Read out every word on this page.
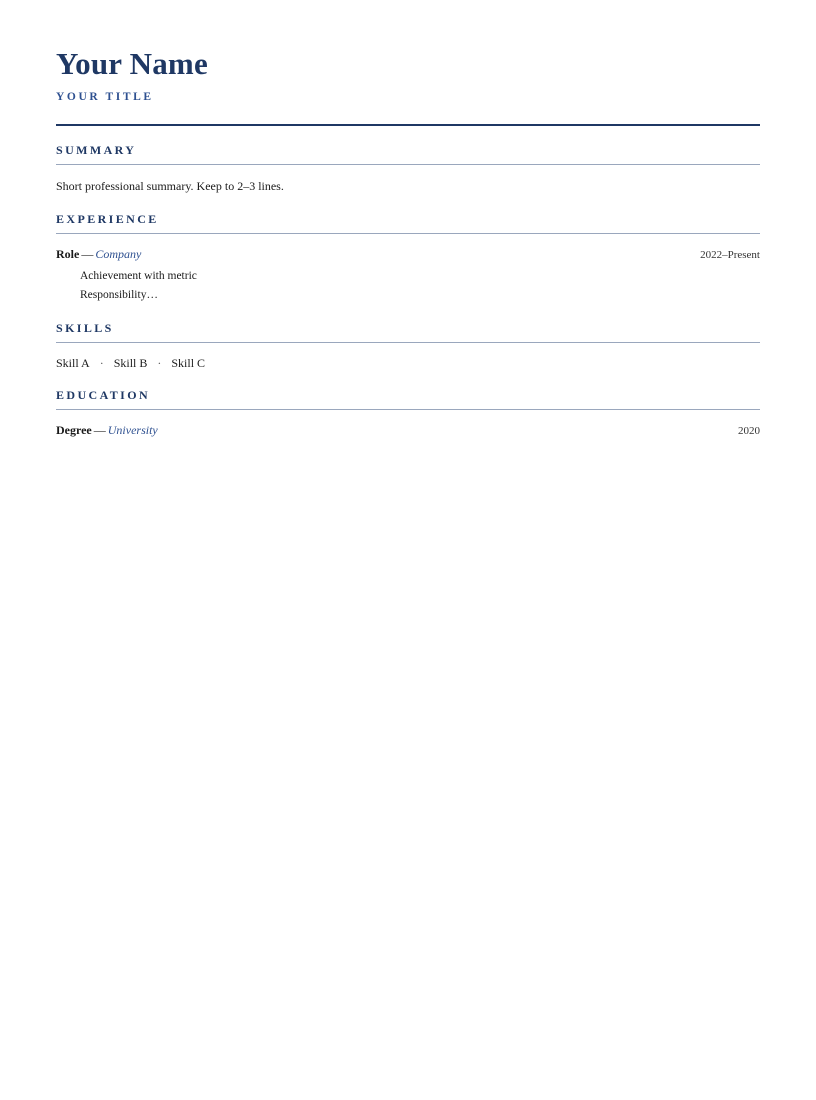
Your Name
YOUR TITLE
SUMMARY
Short professional summary. Keep to 2–3 lines.
EXPERIENCE
Role — Company	2022–Present
Achievement with metric
Responsibility…
SKILLS
Skill A · Skill B · Skill C
EDUCATION
Degree — University	2020
